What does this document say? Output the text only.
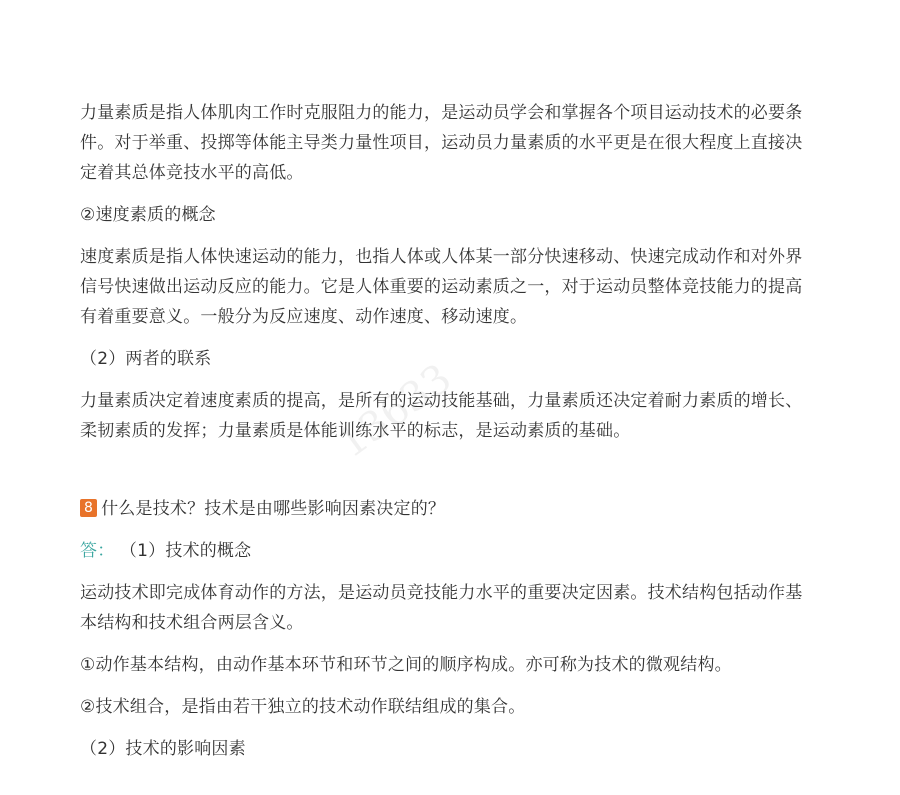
力量素质是指人体肌肉工作时克服阻力的能力，是运动员学会和掌握各个项目运动技术的必要条件。对于举重、投掷等体能主导类力量性项目，运动员力量素质的水平更是在很大程度上直接决定着其总体竞技水平的高低。

②速度素质的概念

速度素质是指人体快速运动的能力，也指人体或人体某一部分快速移动、快速完成动作和对外界信号快速做出运动反应的能力。它是人体重要的运动素质之一，对于运动员整体竞技能力的提高有着重要意义。一般分为反应速度、动作速度、移动速度。

（2）两者的联系

力量素质决定着速度素质的提高，是所有的运动技能基础，力量素质还决定着耐力素质的增长、柔韧素质的发挥；力量素质是体能训练水平的标志，是运动素质的基础。

8 什么是技术？技术是由哪些影响因素决定的？

答： （1）技术的概念

运动技术即完成体育动作的方法，是运动员竞技能力水平的重要决定因素。技术结构包括动作基本结构和技术组合两层含义。

①动作基本结构，由动作基本环节和环节之间的顺序构成。亦可称为技术的微观结构。

②技术组合，是指由若干独立的技术动作联结组成的集合。

（2）技术的影响因素

13633
